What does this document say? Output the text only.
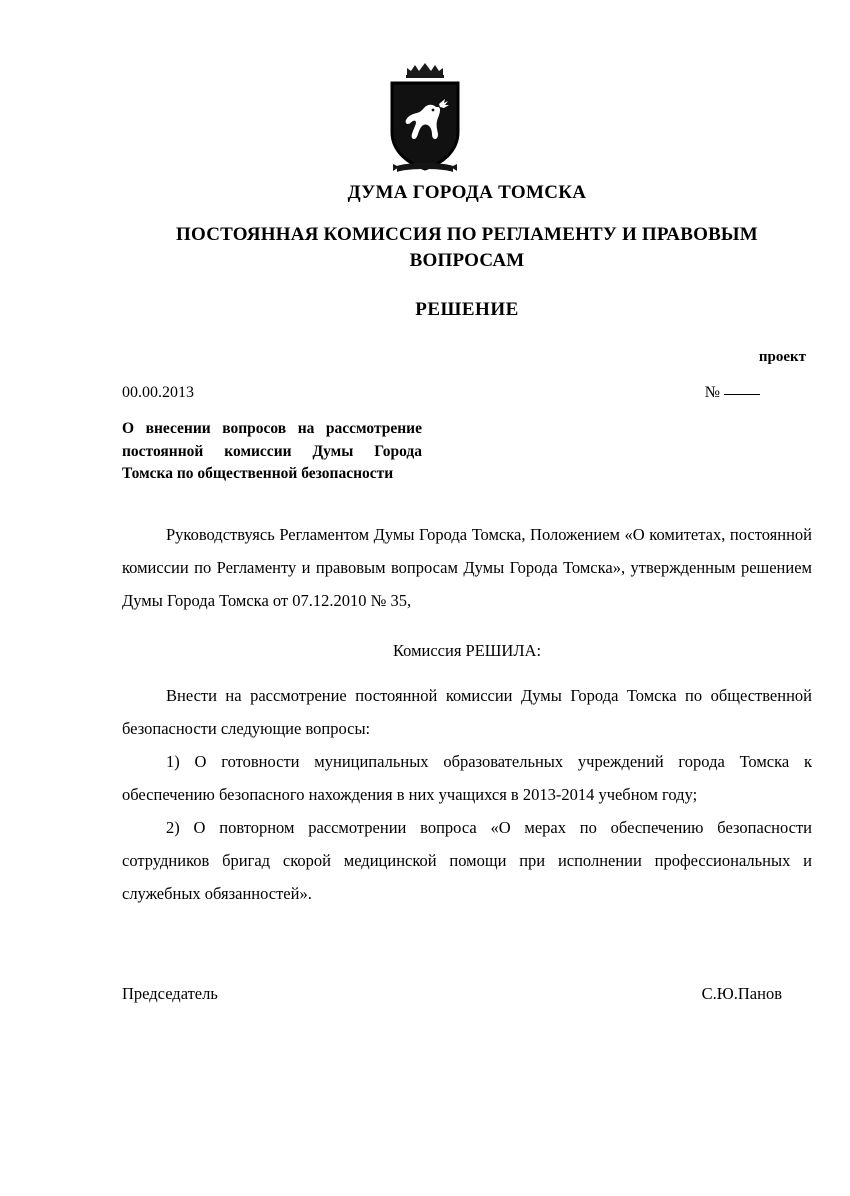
ДУМА ГОРОДА ТОМСКА
ПОСТОЯННАЯ КОМИССИЯ ПО РЕГЛАМЕНТУ И ПРАВОВЫМ ВОПРОСАМ
РЕШЕНИЕ
проект
00.00.2013	№
О внесении вопросов на рассмотрение постоянной комиссии Думы Города Томска по общественной безопасности

Руководствуясь Регламентом Думы Города Томска, Положением «О комитетах, постоянной комиссии по Регламенту и правовым вопросам Думы Города Томска», утвержденным решением Думы Города Томска от 07.12.2010 № 35,

Комиссия РЕШИЛА:

Внести на рассмотрение постоянной комиссии Думы Города Томска по общественной безопасности следующие вопросы:

1) О готовности муниципальных образовательных учреждений города Томска к обеспечению безопасного нахождения в них учащихся в 2013-2014 учебном году;

2) О повторном рассмотрении вопроса «О мерах по обеспечению безопасности сотрудников бригад скорой медицинской помощи при исполнении профессиональных и служебных обязанностей».

Председатель	С.Ю.Панов
